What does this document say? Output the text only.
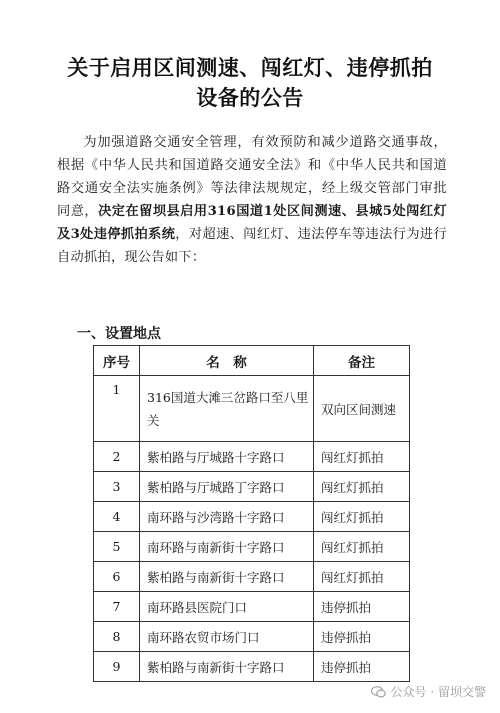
关于启用区间测速、闯红灯、违停抓拍
设备的公告
为加强道路交通安全管理，有效预防和减少道路交通事故，根据《中华人民共和国道路交通安全法》和《中华人民共和国道路交通安全法实施条例》等法律法规规定，经上级交管部门审批同意，决定在留坝县启用316国道1处区间测速、县城5处闯红灯及3处违停抓拍系统，对超速、闯红灯、违法停车等违法行为进行自动抓拍，现公告如下：
一、设置地点
序号	名　称	备注
1	316国道大滩三岔路口至八里关	双向区间测速
2	紫柏路与厅城路十字路口	闯红灯抓拍
3	紫柏路与厅城路丁字路口	闯红灯抓拍
4	南环路与沙湾路十字路口	闯红灯抓拍
5	南环路与南新街十字路口	闯红灯抓拍
6	紫柏路与南新街十字路口	闯红灯抓拍
7	南环路县医院门口	违停抓拍
8	南环路农贸市场门口	违停抓拍
9	紫柏路与南新街十字路口	违停抓拍
公众号 · 留坝交警
